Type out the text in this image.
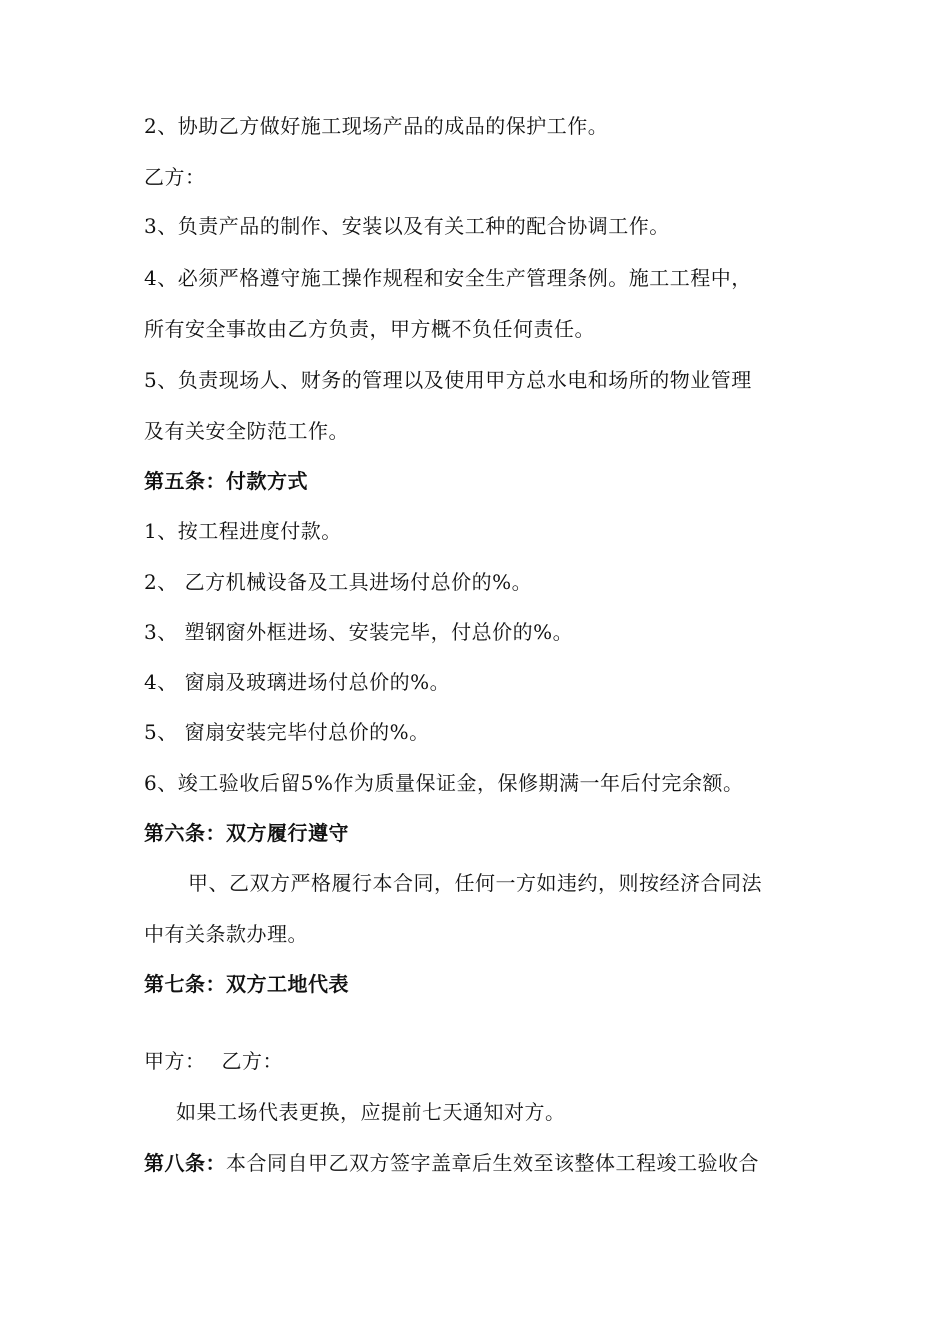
2、协助乙方做好施工现场产品的成品的保护工作。
乙方：
3、负责产品的制作、安装以及有关工种的配合协调工作。
4、必须严格遵守施工操作规程和安全生产管理条例。施工工程中，
所有安全事故由乙方负责，甲方概不负任何责任。
5、负责现场人、财务的管理以及使用甲方总水电和场所的物业管理
及有关安全防范工作。
第五条：付款方式
1、按工程进度付款。
2、 乙方机械设备及工具进场付总价的%。
3、 塑钢窗外框进场、安装完毕，付总价的%。
4、 窗扇及玻璃进场付总价的%。
5、 窗扇安装完毕付总价的%。
6、竣工验收后留5%作为质量保证金，保修期满一年后付完余额。
第六条：双方履行遵守
甲、乙双方严格履行本合同，任何一方如违约，则按经济合同法
中有关条款办理。
第七条：双方工地代表
甲方： 乙方：
如果工场代表更换，应提前七天通知对方。
第八条：本合同自甲乙双方签字盖章后生效至该整体工程竣工验收合
